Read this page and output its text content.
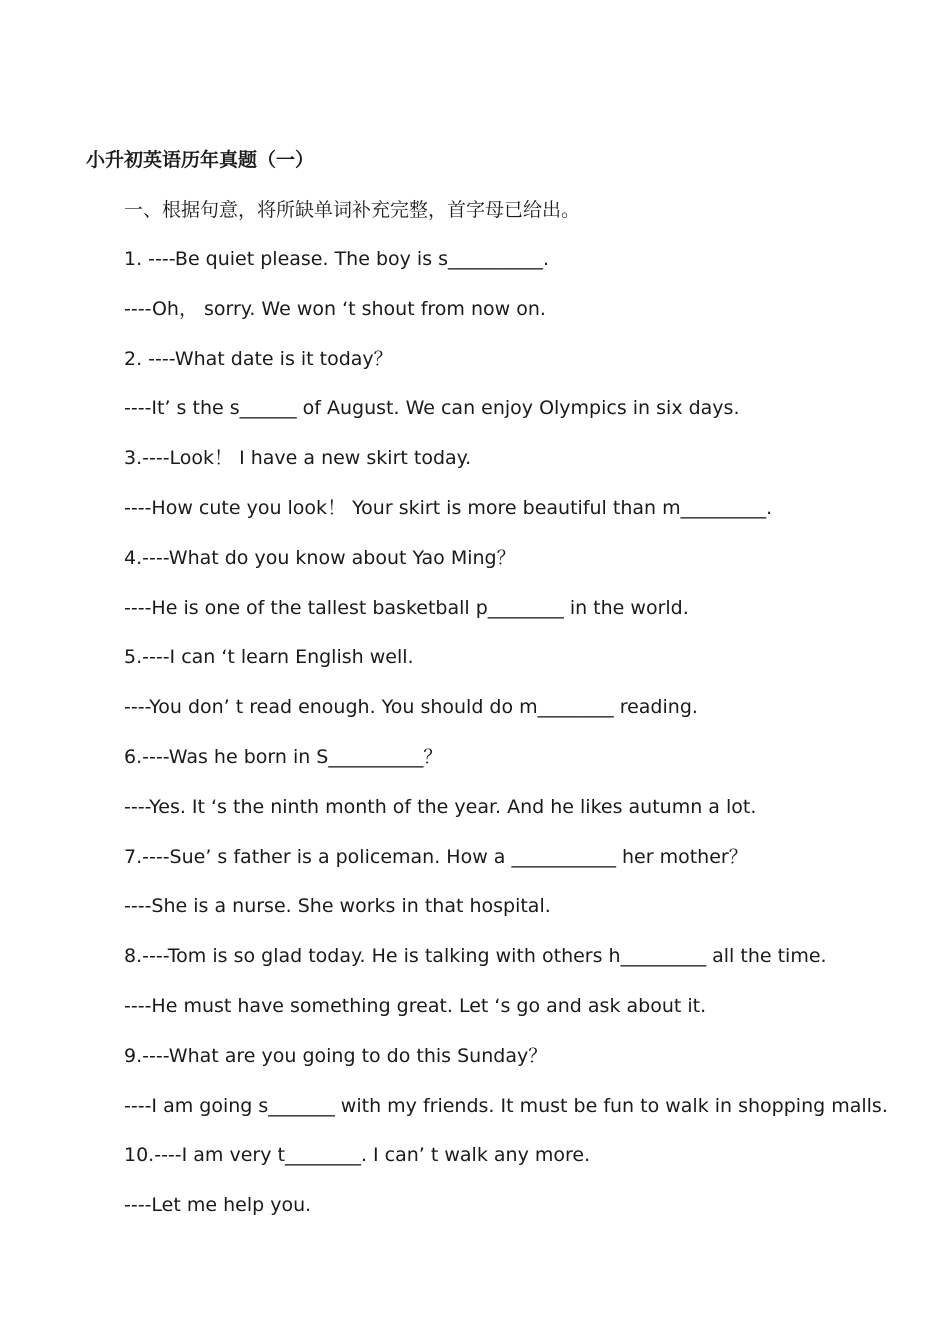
小升初英语历年真题（一）
一、根据句意，将所缺单词补充完整，首字母已给出。
1. ----Be quiet please. The boy is s__________.
----Oh， sorry. We won ‘t shout from now on.
2. ----What date is it today？
----It’ s the s______ of August. We can enjoy Olympics in six days.
3.----Look！ I have a new skirt today.
----How cute you look！ Your skirt is more beautiful than m_________.
4.----What do you know about Yao Ming？
----He is one of the tallest basketball p________ in the world.
5.----I can ‘t learn English well.
----You don’ t read enough. You should do m________ reading.
6.----Was he born in S__________？
----Yes. It ‘s the ninth month of the year. And he likes autumn a lot.
7.----Sue’ s father is a policeman. How a ___________ her mother？
----She is a nurse. She works in that hospital.
8.----Tom is so glad today. He is talking with others h_________ all the time.
----He must have something great. Let ‘s go and ask about it.
9.----What are you going to do this Sunday？
----I am going s_______ with my friends. It must be fun to walk in shopping malls.
10.----I am very t________. I can’ t walk any more.
----Let me help you.
